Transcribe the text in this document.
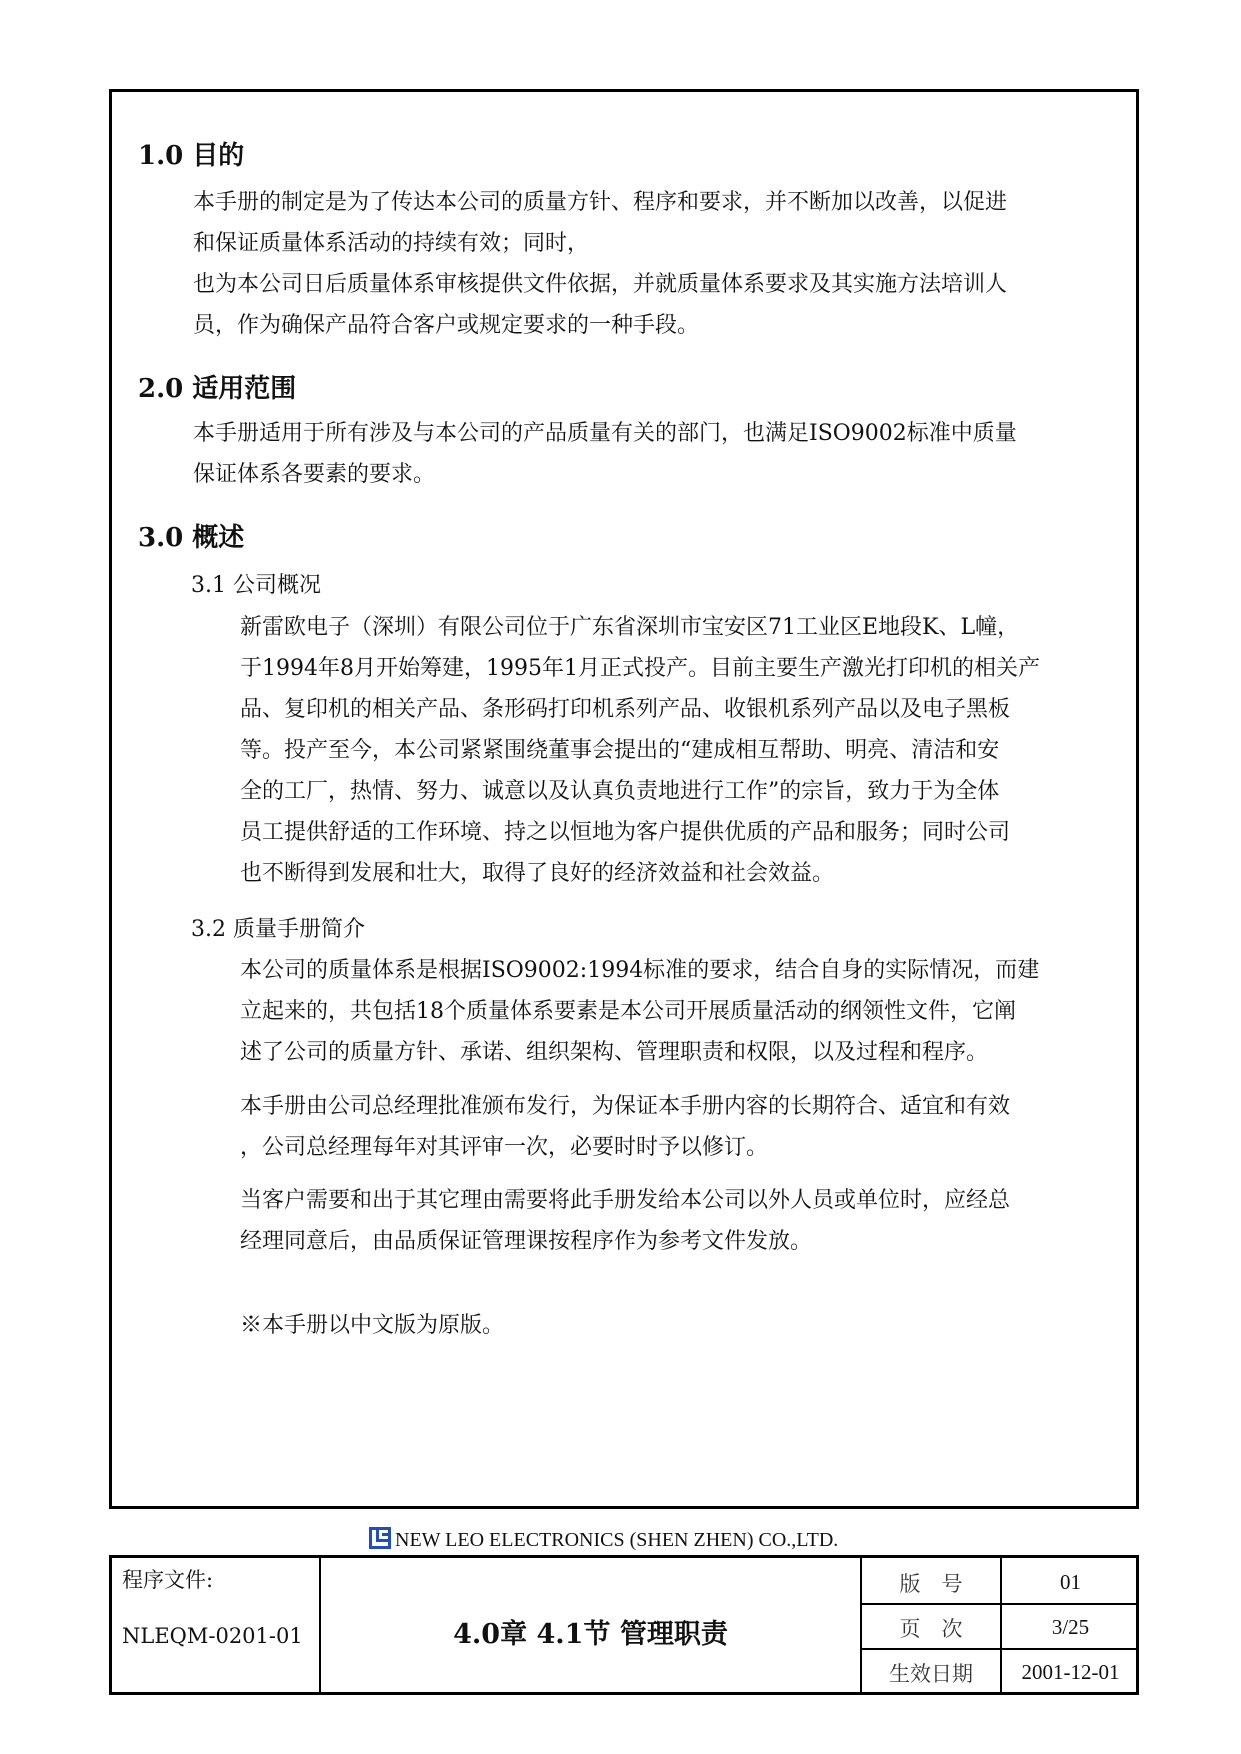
1.0 目的
本手册的制定是为了传达本公司的质量方针、程序和要求，并不断加以改善，以促进
和保证质量体系活动的持续有效；同时，
也为本公司日后质量体系审核提供文件依据，并就质量体系要求及其实施方法培训人
员，作为确保产品符合客户或规定要求的一种手段。
2.0 适用范围
本手册适用于所有涉及与本公司的产品质量有关的部门，也满足ISO9002标准中质量
保证体系各要素的要求。
3.0 概述
3.1 公司概况
新雷欧电子（深圳）有限公司位于广东省深圳市宝安区71工业区E地段K、L幢，
于1994年8月开始筹建，1995年1月正式投产。目前主要生产激光打印机的相关产
品、复印机的相关产品、条形码打印机系列产品、收银机系列产品以及电子黑板
等。投产至今，本公司紧紧围绕董事会提出的“建成相互帮助、明亮、清洁和安
全的工厂，热情、努力、诚意以及认真负责地进行工作”的宗旨，致力于为全体
员工提供舒适的工作环境、持之以恒地为客户提供优质的产品和服务；同时公司
也不断得到发展和壮大，取得了良好的经济效益和社会效益。
3.2 质量手册简介
本公司的质量体系是根据ISO9002:1994标准的要求，结合自身的实际情况，而建
立起来的，共包括18个质量体系要素是本公司开展质量活动的纲领性文件，它阐
述了公司的质量方针、承诺、组织架构、管理职责和权限，以及过程和程序。
本手册由公司总经理批准颁布发行，为保证本手册内容的长期符合、适宜和有效
，公司总经理每年对其评审一次，必要时时予以修订。
当客户需要和出于其它理由需要将此手册发给本公司以外人员或单位时，应经总
经理同意后，由品质保证管理课按程序作为参考文件发放。
※本手册以中文版为原版。
NEW LEO ELECTRONICS (SHEN ZHEN) CO.,LTD.
程序文件:
NLEQM-0201-01	4.0章 4.1节 管理职责
版　号	01
页　次	3/25
生效日期	2001-12-01
